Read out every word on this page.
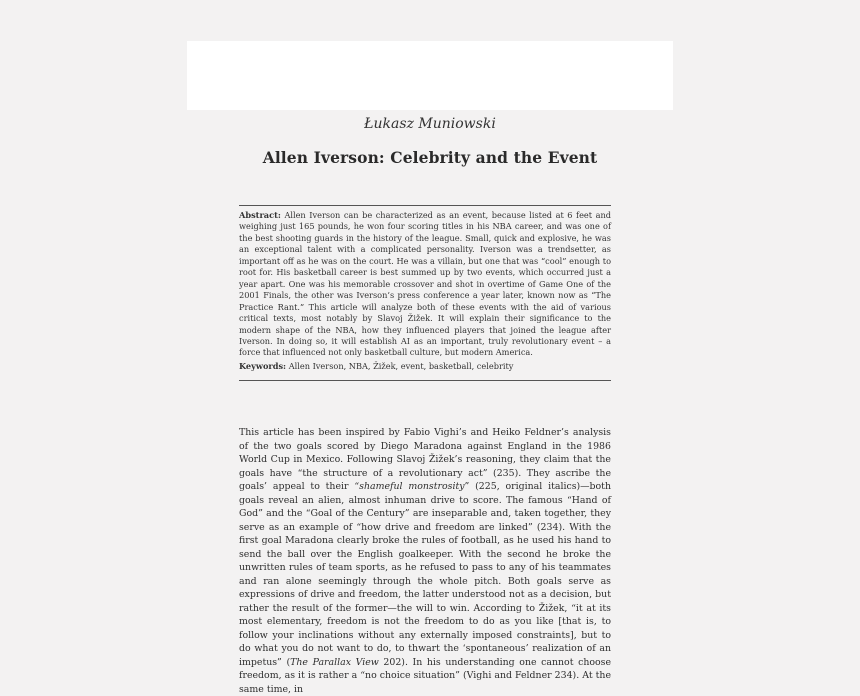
Łukasz Muniowski
Allen Iverson: Celebrity and the Event
Abstract: Allen Iverson can be characterized as an event, because listed at 6 feet and weighing just 165 pounds, he won four scoring titles in his NBA career, and was one of the best shooting guards in the history of the league. Small, quick and explosive, he was an exceptional talent with a complicated personality. Iverson was a trendsetter, as important off as he was on the court. He was a villain, but one that was “cool” enough to root for. His basketball career is best summed up by two events, which occurred just a year apart. One was his memorable crossover and shot in overtime of Game One of the 2001 Finals, the other was Iverson’s press conference a year later, known now as “The Practice Rant.” This article will analyze both of these events with the aid of various critical texts, most notably by Slavoj Žižek. It will explain their significance to the modern shape of the NBA, how they influenced players that joined the league after Iverson. In doing so, it will establish AI as an important, truly revolutionary event – a force that influenced not only basketball culture, but modern America.
Keywords: Allen Iverson, NBA, Žižek, event, basketball, celebrity
This article has been inspired by Fabio Vighi’s and Heiko Feldner’s analysis of the two goals scored by Diego Maradona against England in the 1986 World Cup in Mexico. Following Slavoj Žižek’s reasoning, they claim that the goals have “the structure of a revolutionary act” (235). They ascribe the goals’ appeal to their “shameful monstrosity” (225, original italics)—both goals reveal an alien, almost inhuman drive to score. The famous “Hand of God” and the “Goal of the Century” are inseparable and, taken together, they serve as an example of “how drive and freedom are linked” (234). With the first goal Maradona clearly broke the rules of football, as he used his hand to send the ball over the English goalkeeper. With the second he broke the unwritten rules of team sports, as he refused to pass to any of his teammates and ran alone seemingly through the whole pitch. Both goals serve as expressions of drive and freedom, the latter understood not as a decision, but rather the result of the former—the will to win. According to Žižek, “it at its most elementary, freedom is not the freedom to do as you like [that is, to follow your inclinations without any externally imposed constraints], but to do what you do not want to do, to thwart the ‘spontaneous’ realization of an impetus” (The Parallax View 202). In his understanding one cannot choose freedom, as it is rather a “no choice situation” (Vighi and Feldner 234). At the same time, in
